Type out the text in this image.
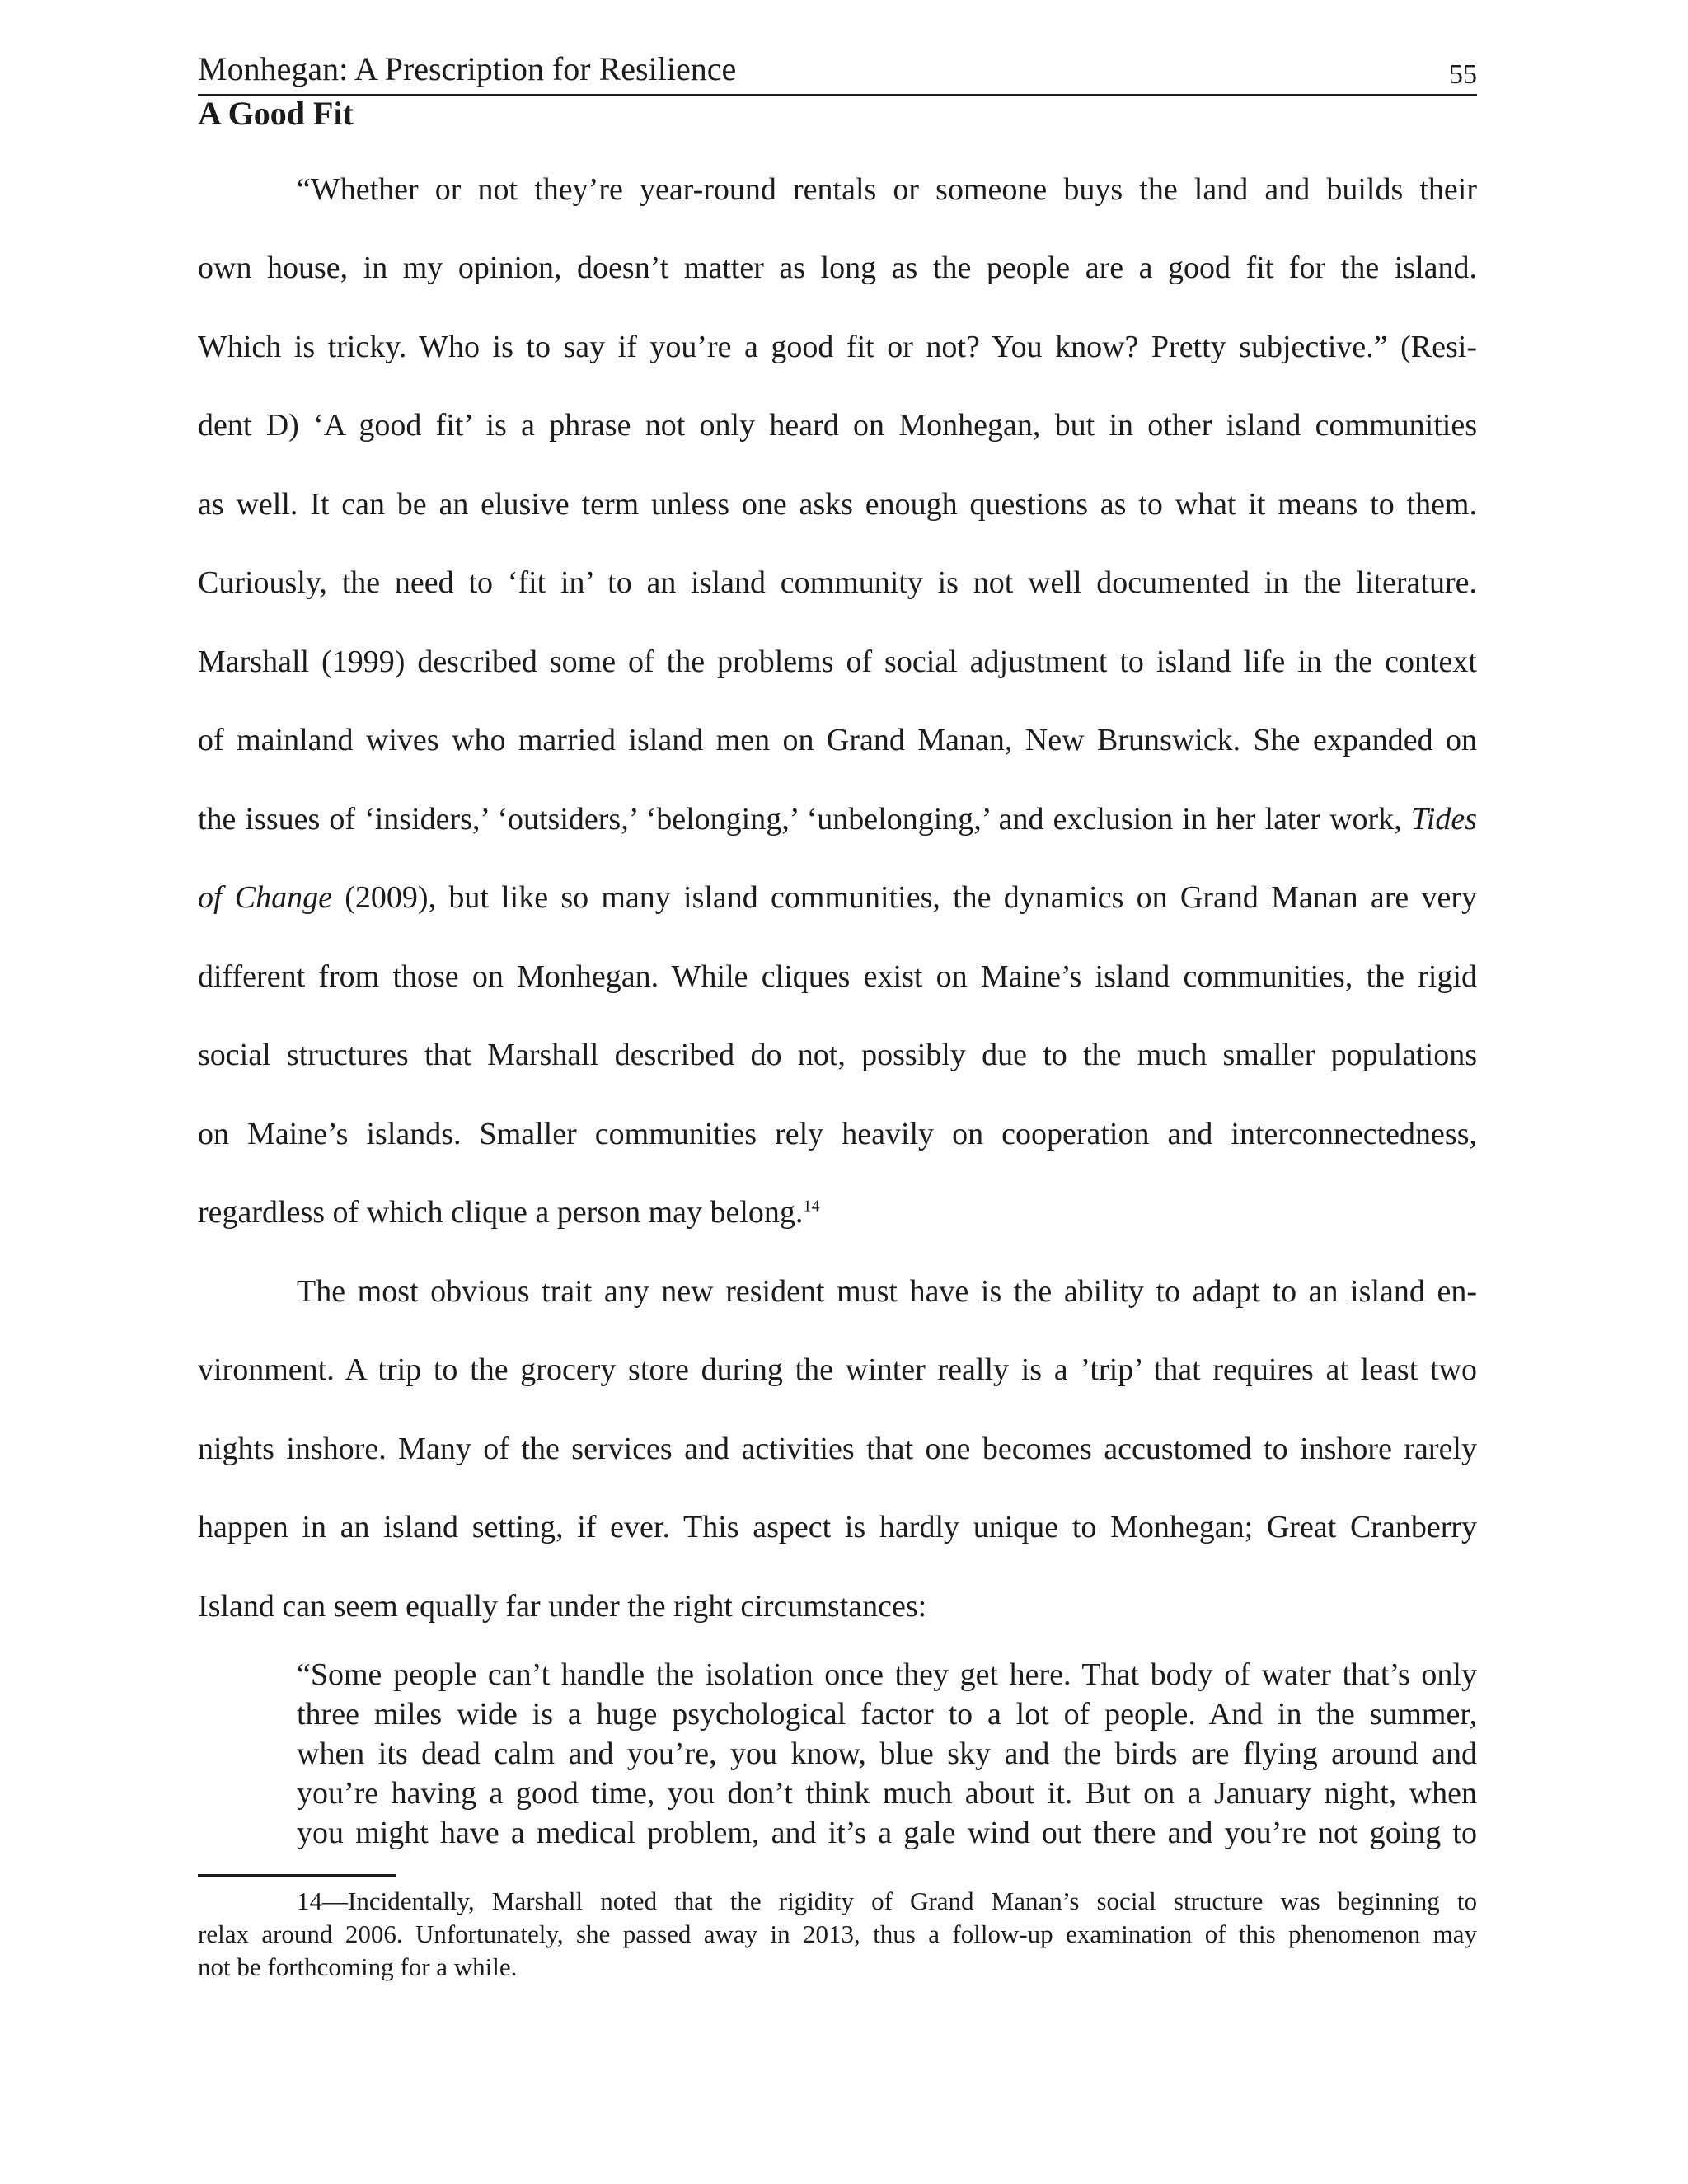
Monhegan: A Prescription for Resilience	55
A Good Fit

“Whether or not they’re year-round rentals or someone buys the land and builds their

own house, in my opinion, doesn’t matter as long as the people are a good fit for the island.

Which is tricky. Who is to say if you’re a good fit or not? You know? Pretty subjective.” (Resi-

dent D) ‘A good fit’ is a phrase not only heard on Monhegan, but in other island communities

as well. It can be an elusive term unless one asks enough questions as to what it means to them.

Curiously, the need to ‘fit in’ to an island community is not well documented in the literature.

Marshall (1999) described some of the problems of social adjustment to island life in the context

of mainland wives who married island men on Grand Manan, New Brunswick. She expanded on

the issues of ‘insiders,’ ‘outsiders,’ ‘belonging,’ ‘unbelonging,’ and exclusion in her later work, Tides

of Change (2009), but like so many island communities, the dynamics on Grand Manan are very

different from those on Monhegan. While cliques exist on Maine’s island communities, the rigid

social structures that Marshall described do not, possibly due to the much smaller populations

on Maine’s islands. Smaller communities rely heavily on cooperation and interconnectedness,

regardless of which clique a person may belong.$^{14}$

The most obvious trait any new resident must have is the ability to adapt to an island en-

vironment. A trip to the grocery store during the winter really is a ’trip’ that requires at least two

nights inshore. Many of the services and activities that one becomes accustomed to inshore rarely

happen in an island setting, if ever. This aspect is hardly unique to Monhegan; Great Cranberry

Island can seem equally far under the right circumstances:

“Some people can’t handle the isolation once they get here. That body of water that’s only

three miles wide is a huge psychological factor to a lot of people. And in the summer,

when its dead calm and you’re, you know, blue sky and the birds are flying around and

you’re having a good time, you don’t think much about it. But on a January night, when

you might have a medical problem, and it’s a gale wind out there and you’re not going to

14—Incidentally, Marshall noted that the rigidity of Grand Manan’s social structure was beginning to

relax around 2006. Unfortunately, she passed away in 2013, thus a follow-up examination of this phenomenon may

not be forthcoming for a while.
